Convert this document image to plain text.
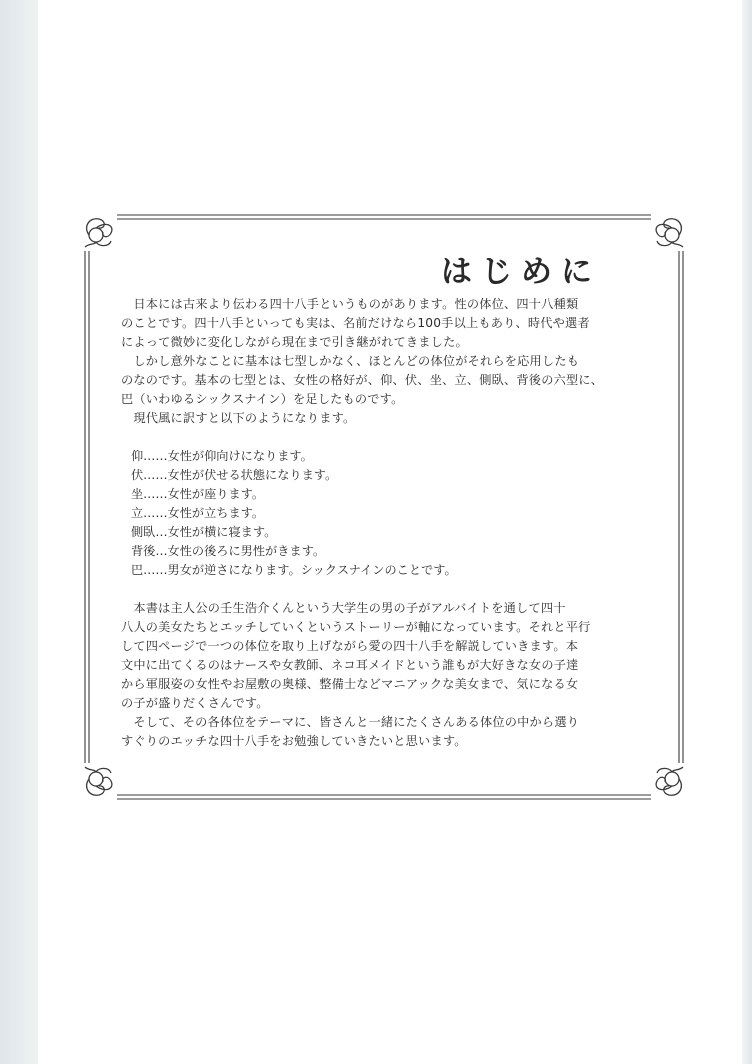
はじめに
　日本には古来より伝わる四十八手というものがあります。性の体位、四十八種類
のことです。四十八手といっても実は、名前だけなら100手以上もあり、時代や選者
によって微妙に変化しながら現在まで引き継がれてきました。
　しかし意外なことに基本は七型しかなく、ほとんどの体位がそれらを応用したも
のなのです。基本の七型とは、女性の格好が、仰、伏、坐、立、側臥、背後の六型に、
巴（いわゆるシックスナイン）を足したものです。
　現代風に訳すと以下のようになります。
仰……女性が仰向けになります。
伏……女性が伏せる状態になります。
坐……女性が座ります。
立……女性が立ちます。
側臥…女性が横に寝ます。
背後…女性の後ろに男性がきます。
巴……男女が逆さになります。シックスナインのことです。
　本書は主人公の壬生浩介くんという大学生の男の子がアルバイトを通して四十
八人の美女たちとエッチしていくというストーリーが軸になっています。それと平行
して四ページで一つの体位を取り上げながら愛の四十八手を解説していきます。本
文中に出てくるのはナースや女教師、ネコ耳メイドという誰もが大好きな女の子達
から軍服姿の女性やお屋敷の奥様、整備士などマニアックな美女まで、気になる女
の子が盛りだくさんです。
　そして、その各体位をテーマに、皆さんと一緒にたくさんある体位の中から選り
すぐりのエッチな四十八手をお勉強していきたいと思います。
